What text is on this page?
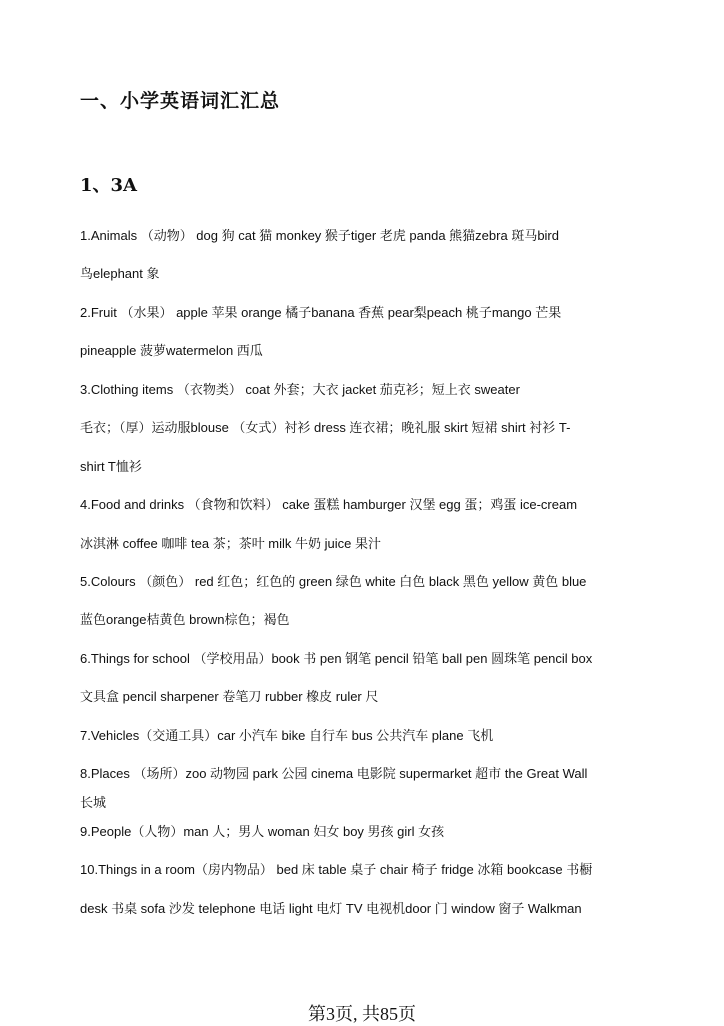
一、小学英语词汇汇总
1、3A
1.Animals （动物） dog 狗 cat 猫 monkey 猴子tiger 老虎 panda 熊猫zebra 斑马bird
鸟elephant 象
2.Fruit （水果） apple 苹果 orange 橘子banana 香蕉 pear梨peach 桃子mango 芒果
pineapple 菠萝watermelon 西瓜
3.Clothing items （衣物类） coat 外套；大衣 jacket 茄克衫；短上衣 sweater
毛衣；（厚）运动服blouse （女式）衬衫 dress 连衣裙；晚礼服 skirt 短裙 shirt 衬衫 T-
shirt T恤衫
4.Food and drinks （食物和饮料） cake 蛋糕 hamburger 汉堡 egg 蛋；鸡蛋 ice-cream
冰淇淋 coffee 咖啡 tea 茶；茶叶 milk 牛奶 juice 果汁
5.Colours （颜色） red 红色；红色的 green 绿色 white 白色 black 黑色 yellow 黄色 blue
蓝色orange桔黄色 brown棕色；褐色
6.Things for school （学校用品）book 书 pen 钢笔 pencil 铅笔 ball pen 圆珠笔 pencil box
文具盒 pencil sharpener 卷笔刀 rubber 橡皮 ruler 尺
7.Vehicles（交通工具）car 小汽车 bike 自行车 bus 公共汽车 plane 飞机
8.Places （场所）zoo 动物园 park 公园 cinema 电影院 supermarket 超市 the Great Wall
长城
9.People（人物）man 人；男人 woman 妇女 boy 男孩 girl 女孩
10.Things in a room（房内物品） bed 床 table 桌子 chair 椅子 fridge 冰箱 bookcase 书橱
desk 书桌 sofa 沙发 telephone 电话 light 电灯 TV 电视机door 门 window 窗子 Walkman
第3页, 共85页
